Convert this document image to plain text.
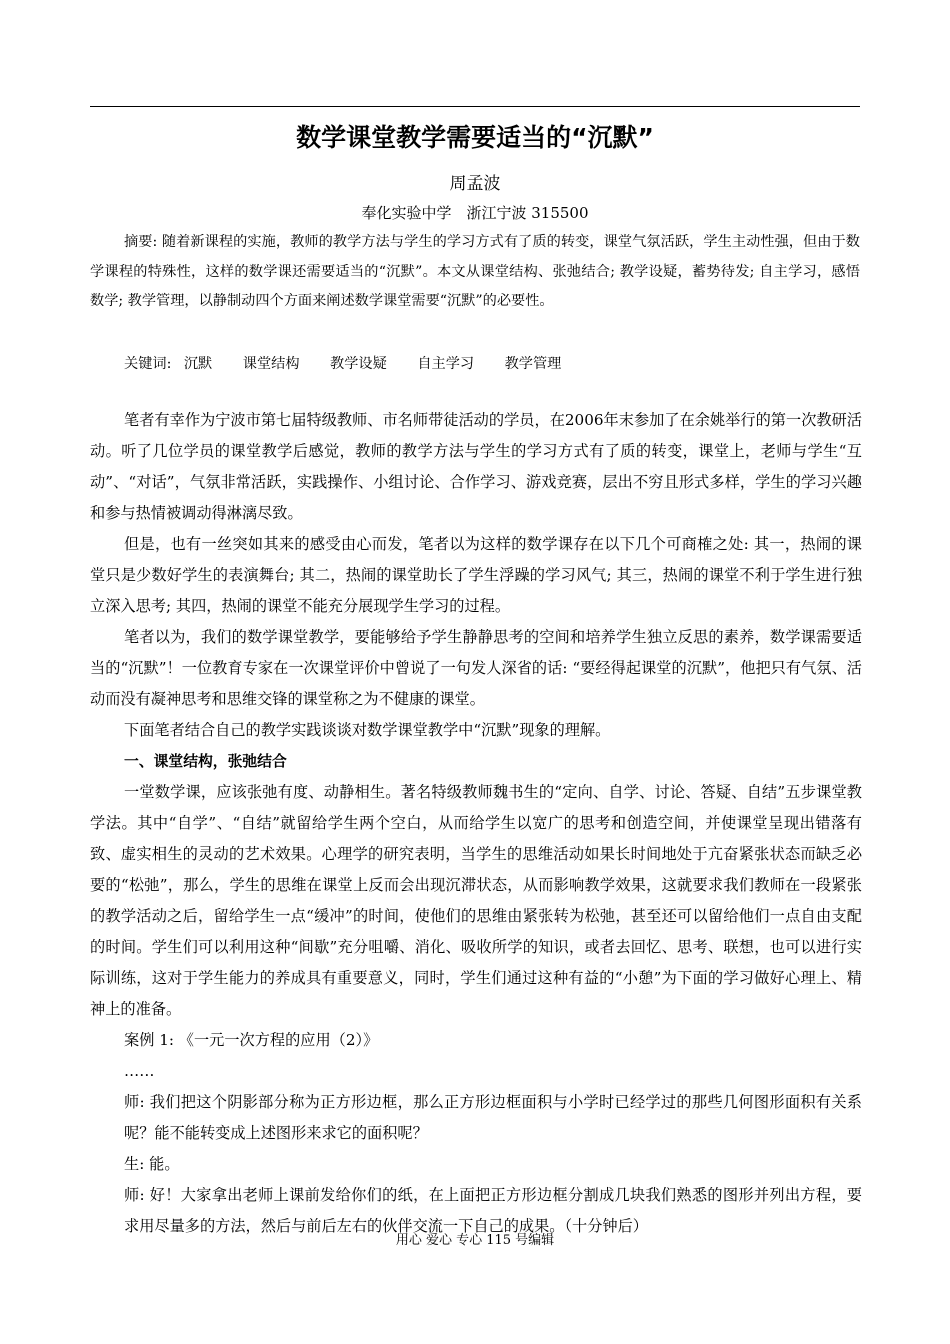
数学课堂教学需要适当的“沉默”
周孟波
奉化实验中学　浙江宁波 315500

摘要: 随着新课程的实施，教师的教学方法与学生的学习方式有了质的转变，课堂气氛活跃，学生主动性强，但由于数学课程的特殊性，这样的数学课还需要适当的“沉默”。本文从课堂结构、张弛结合; 教学设疑，蓄势待发; 自主学习，感悟数学; 教学管理，以静制动四个方面来阐述数学课堂需要“沉默”的必要性。

关键词: 沉默 课堂结构 教学设疑 自主学习 教学管理

笔者有幸作为宁波市第七届特级教师、市名师带徒活动的学员，在2006年末参加了在余姚举行的第一次教研活动。听了几位学员的课堂教学后感觉，教师的教学方法与学生的学习方式有了质的转变，课堂上，老师与学生“互动”、“对话”，气氛非常活跃，实践操作、小组讨论、合作学习、游戏竞赛，层出不穷且形式多样，学生的学习兴趣和参与热情被调动得淋漓尽致。

但是，也有一丝突如其来的感受由心而发，笔者以为这样的数学课存在以下几个可商榷之处: 其一，热闹的课堂只是少数好学生的表演舞台; 其二，热闹的课堂助长了学生浮躁的学习风气; 其三，热闹的课堂不利于学生进行独立深入思考; 其四，热闹的课堂不能充分展现学生学习的过程。

笔者以为，我们的数学课堂教学，要能够给予学生静静思考的空间和培养学生独立反思的素养，数学课需要适当的“沉默”！一位教育专家在一次课堂评价中曾说了一句发人深省的话: “要经得起课堂的沉默”，他把只有气氛、活动而没有凝神思考和思维交锋的课堂称之为不健康的课堂。

下面笔者结合自己的教学实践谈谈对数学课堂教学中“沉默”现象的理解。

一、课堂结构，张弛结合

一堂数学课，应该张弛有度、动静相生。著名特级教师魏书生的“定向、自学、讨论、答疑、自结”五步课堂教学法。其中“自学”、“自结”就留给学生两个空白，从而给学生以宽广的思考和创造空间，并使课堂呈现出错落有致、虚实相生的灵动的艺术效果。心理学的研究表明，当学生的思维活动如果长时间地处于亢奋紧张状态而缺乏必要的“松弛”，那么，学生的思维在课堂上反而会出现沉滞状态，从而影响教学效果，这就要求我们教师在一段紧张的教学活动之后，留给学生一点“缓冲”的时间，使他们的思维由紧张转为松弛，甚至还可以留给他们一点自由支配的时间。学生们可以利用这种“间歇”充分咀嚼、消化、吸收所学的知识，或者去回忆、思考、联想，也可以进行实际训练，这对于学生能力的养成具有重要意义，同时，学生们通过这种有益的“小憩”为下面的学习做好心理上、精神上的准备。

案例 1: 《一元一次方程的应用（2）》

……

师: 我们把这个阴影部分称为正方形边框，那么正方形边框面积与小学时已经学过的那些几何图形面积有关系呢？能不能转变成上述图形来求它的面积呢？

生: 能。

师: 好！大家拿出老师上课前发给你们的纸，在上面把正方形边框分割成几块我们熟悉的图形并列出方程，要求用尽量多的方法，然后与前后左右的伙伴交流一下自己的成果。（十分钟后）

用心 爱心 专心 115 号编辑
